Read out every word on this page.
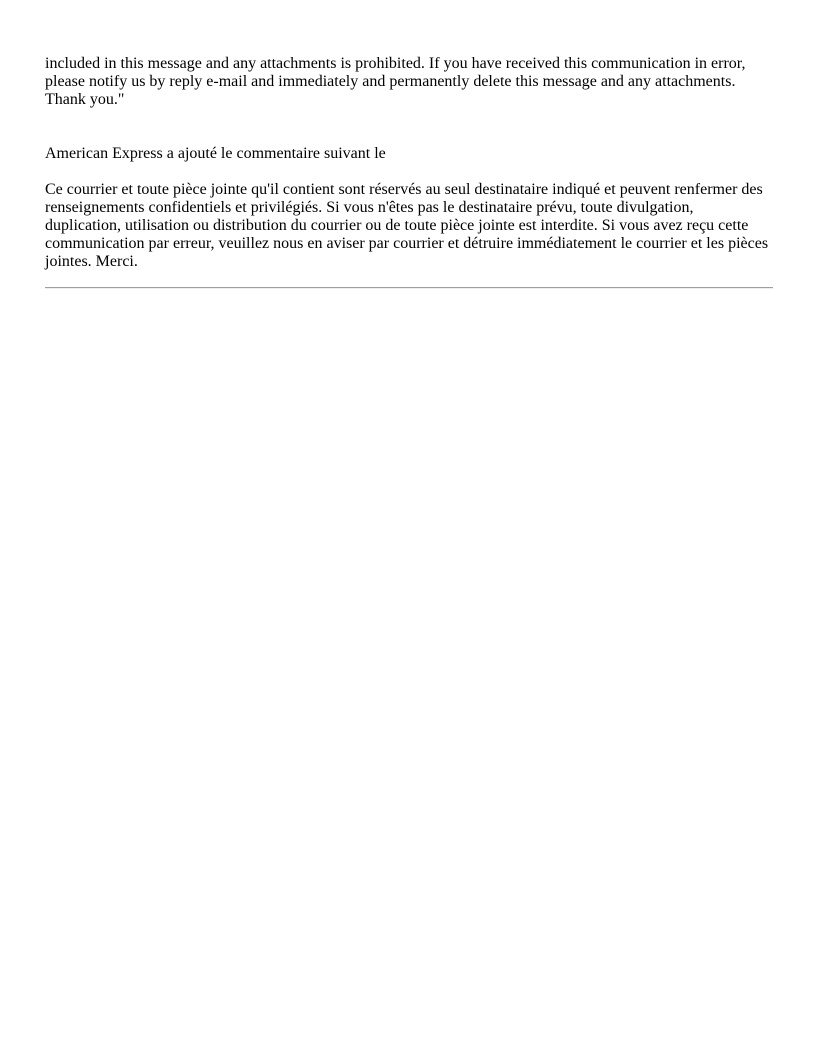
included in this message and any attachments is prohibited. If you have received this communication in error, please notify us by reply e-mail and immediately and permanently delete this message and any attachments. Thank you."

American Express a ajouté le commentaire suivant le

Ce courrier et toute pièce jointe qu'il contient sont réservés au seul destinataire indiqué et peuvent renfermer des renseignements confidentiels et privilégiés. Si vous n'êtes pas le destinataire prévu, toute divulgation, duplication, utilisation ou distribution du courrier ou de toute pièce jointe est interdite. Si vous avez reçu cette communication par erreur, veuillez nous en aviser par courrier et détruire immédiatement le courrier et les pièces jointes. Merci.
